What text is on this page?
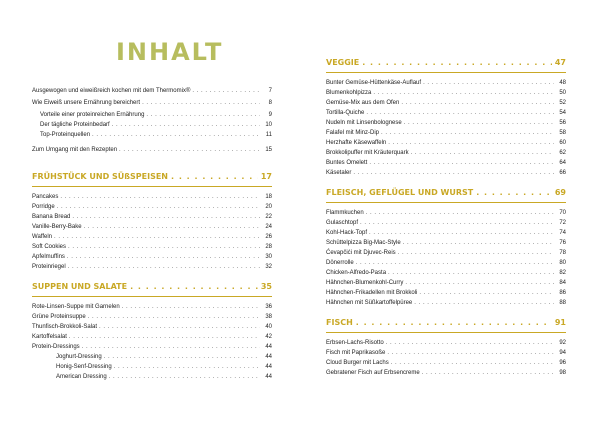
INHALT
Ausgewogen und eiweißreich kochen mit dem Thermomix® . . .	7
Wie Eiweiß unsere Ernährung bereichert . . .	8
Vorteile einer proteinreichen Ernährung . . .	9
Der tägliche Proteinbedarf . . .	10
Top-Proteinquellen . . .	11
Zum Umgang mit den Rezepten . . .	15
FRÜHSTÜCK UND SÜßSPEISEN . . .	17
Pancakes . . .	18
Porridge . . .	20
Banana Bread . . .	22
Vanille-Berry-Bake . . .	24
Waffeln . . .	26
Soft Cookies . . .	28
Apfelmuffins . . .	30
Proteinriegel . . .	32
SUPPEN UND SALATE . . .	35
Rote-Linsen-Suppe mit Garnelen . . .	36
Grüne Proteinsuppe . . .	38
Thunfisch-Brokkoli-Salat . . .	40
Kartoffelsalat . . .	42
Protein-Dressings . . .	44
Joghurt-Dressing . . .	44
Honig-Senf-Dressing . . .	44
American Dressing . . .	44
VEGGIE . . .	47
Bunter Gemüse-Hüttenkäse-Auflauf . . .	48
Blumenkohlpizza . . .	50
Gemüse-Mix aus dem Ofen . . .	52
Tortilla-Quiche . . .	54
Nudeln mit Linsenbolognese . . .	56
Falafel mit Minz-Dip . . .	58
Herzhafte Käsewaffeln . . .	60
Brokkolipuffer mit Kräuterquark . . .	62
Buntes Omelett . . .	64
Käsetaler . . .	66
FLEISCH, GEFLÜGEL UND WURST . . .	69
Flammkuchen . . .	70
Gulaschtopf . . .	72
Kohl-Hack-Topf . . .	74
Schüttelpizza Big-Mac-Style . . .	76
Ćevapčići mit Djuvec-Reis . . .	78
Dönerrolle . . .	80
Chicken-Alfredo-Pasta . . .	82
Hähnchen-Blumenkohl-Curry . . .	84
Hähnchen-Frikadellen mit Brokkoli . . .	86
Hähnchen mit Süßkartoffelpüree . . .	88
FISCH . . .	91
Erbsen-Lachs-Risotto . . .	92
Fisch mit Paprikasoße . . .	94
Cloud Burger mit Lachs . . .	96
Gebratener Fisch auf Erbsencreme . . .	98
